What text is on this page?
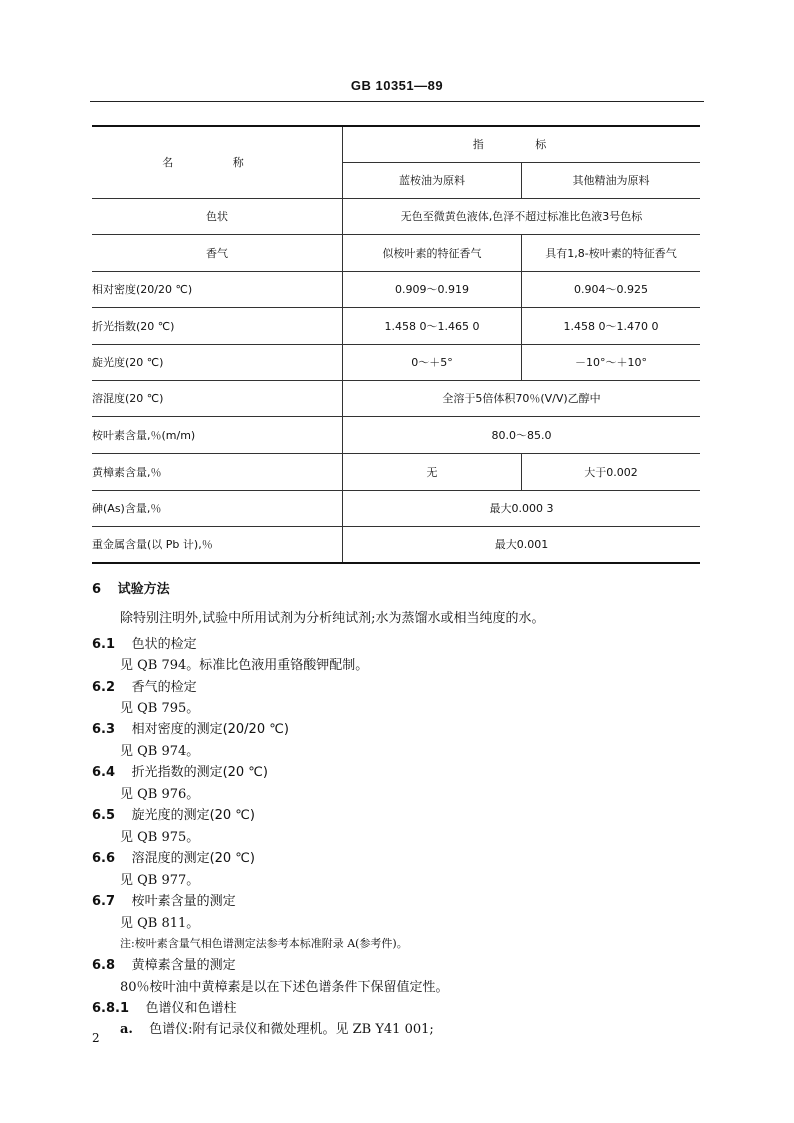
GB 10351—89
名 称	指 标	
	蓝桉油为原料	其他精油为原料
色状	无色至微黄色液体,色泽不超过标准比色液3号色标	
香气	似桉叶素的特征香气	具有1,8-桉叶素的特征香气
相对密度(20/20 ℃)	0.909～0.919	0.904～0.925
折光指数(20 ℃)	1.458 0～1.465 0	1.458 0～1.470 0
旋光度(20 ℃)	0～＋5°	－10°～＋10°
溶混度(20 ℃)	全溶于5倍体积70％(V/V)乙醇中	
桉叶素含量,％(m/m)	80.0～85.0	
黄樟素含量,％	无	大于0.002
砷(As)含量,％	最大0.000 3	
重金属含量(以 Pb 计),％	最大0.001	
6 试验方法
除特别注明外,试验中所用试剂为分析纯试剂;水为蒸馏水或相当纯度的水。
6.1 色状的检定
见 QB 794。标准比色液用重铬酸钾配制。
6.2 香气的检定
见 QB 795。
6.3 相对密度的测定(20/20 ℃)
见 QB 974。
6.4 折光指数的测定(20 ℃)
见 QB 976。
6.5 旋光度的测定(20 ℃)
见 QB 975。
6.6 溶混度的测定(20 ℃)
见 QB 977。
6.7 桉叶素含量的测定
见 QB 811。
注:桉叶素含量气相色谱测定法参考本标准附录 A(参考件)。
6.8 黄樟素含量的测定
80％桉叶油中黄樟素是以在下述色谱条件下保留值定性。
6.8.1 色谱仪和色谱柱
a. 色谱仪:附有记录仪和微处理机。见 ZB Y41 001;
2
